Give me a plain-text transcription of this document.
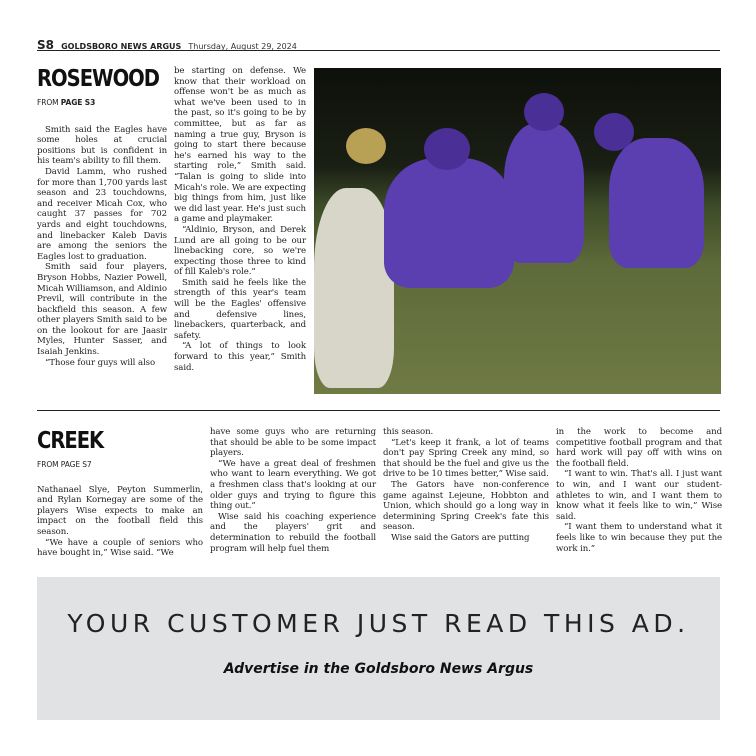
S8 GOLDSBORO NEWS ARGUS Thursday, August 29, 2024
ROSEWOOD
FROM PAGE S3

Smith said the Eagles have some holes at crucial positions but is confident in his team's ability to fill them.

David Lamm, who rushed for more than 1,700 yards last season and 23 touchdowns, and receiver Micah Cox, who caught 37 passes for 702 yards and eight touchdowns, and linebacker Kaleb Davis are among the seniors the Eagles lost to graduation.

Smith said four players, Bryson Hobbs, Nazier Powell, Micah Williamson, and Aldinio Previl, will contribute in the backfield this season. A few other players Smith said to be on the lookout for are Jaasir Myles, Hunter Sasser, and Isaiah Jenkins.

“Those four guys will also

be starting on defense. We know that their workload on offense won't be as much as what we've been used to in the past, so it's going to be by committee, but as far as naming a true guy, Bryson is going to start there because he's earned his way to the starting role,” Smith said. “Talan is going to slide into Micah's role. We are expecting big things from him, just like we did last year. He's just such a game and playmaker.

“Aldinio, Bryson, and Derek Lund are all going to be our linebacking core, so we're expecting those three to kind of fill Kaleb's role.”

Smith said he feels like the strength of this year's team will be the Eagles' offensive and defensive lines, linebackers, quarterback, and safety.

“A lot of things to look forward to this year,” Smith said.

CREEK
FROM PAGE S7

Nathanael Slye, Peyton Summerlin, and Rylan Kornegay are some of the players Wise expects to make an impact on the football field this season.

“We have a couple of seniors who have bought in,” Wise said. “We

have some guys who are returning that should be able to be some impact players.

“We have a great deal of freshmen who want to learn everything. We got a freshmen class that's looking at our older guys and trying to figure this thing out.”

Wise said his coaching experience and the players' grit and determination to rebuild the football program will help fuel them

this season.

“Let's keep it frank, a lot of teams don't pay Spring Creek any mind, so that should be the fuel and give us the drive to be 10 times better,” Wise said.

The Gators have non-conference game against Lejeune, Hobbton and Union, which should go a long way in determining Spring Creek's fate this season.

Wise said the Gators are putting

in the work to become and competitive football program and that hard work will pay off with wins on the football field.

“I want to win. That's all. I just want to win, and I want our student-athletes to win, and I want them to know what it feels like to win,” Wise said.

“I want them to understand what it feels like to win because they put the work in.”

YOUR CUSTOMER JUST READ THIS AD.
Advertise in the Goldsboro News Argus
